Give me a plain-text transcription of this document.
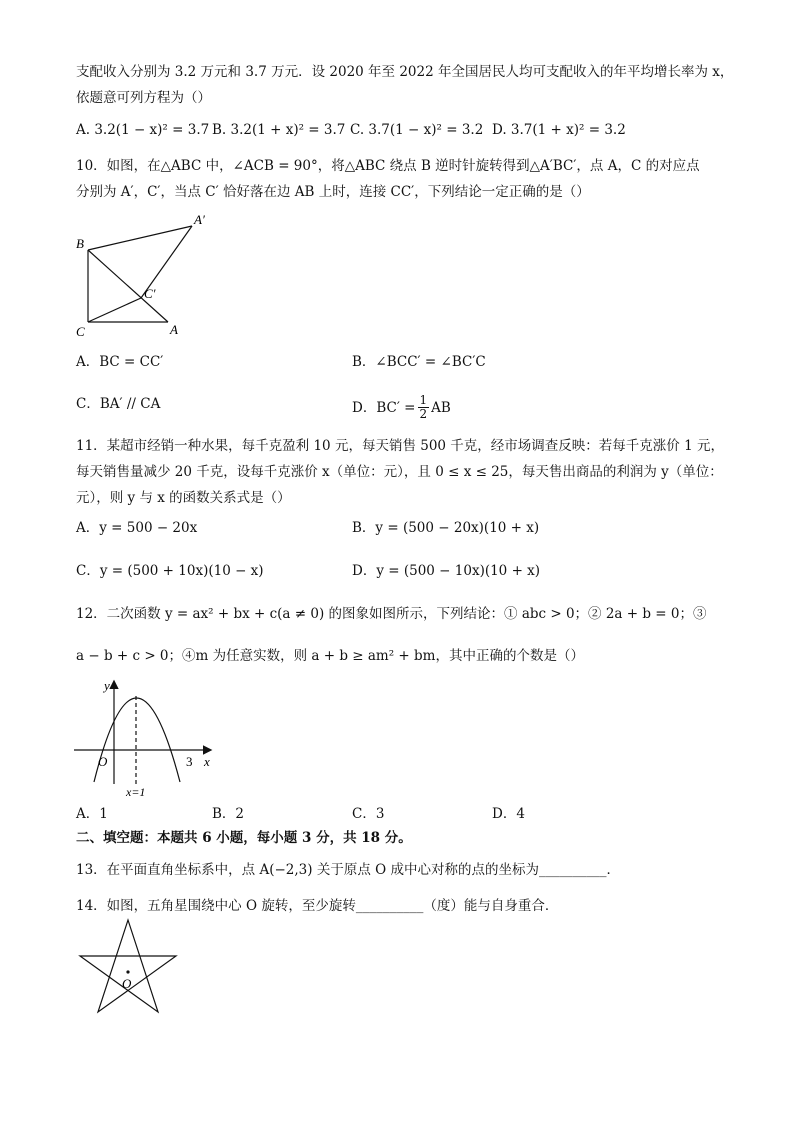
支配收入分别为 3.2 万元和 3.7 万元．设 2020 年至 2022 年全国居民人均可支配收入的年平均增长率为 x，
依题意可列方程为（）
A. 3.2(1 − x)² = 3.7 B. 3.2(1 + x)² = 3.7 C. 3.7(1 − x)² = 3.2 D. 3.7(1 + x)² = 3.2
10．如图，在△ABC 中，∠ACB = 90°，将△ABC 绕点 B 逆时针旋转得到△A′BC′，点 A，C 的对应点
分别为 A′，C′，当点 C′ 恰好落在边 AB 上时，连接 CC′，下列结论一定正确的是（）
B
A′
C′
C	A
A．BC = CC′	B．∠BCC′ = ∠BC′C
C．BA′ // CA	D．$BC' = \frac{1}{2}$ AB
11．某超市经销一种水果，每千克盈利 10 元，每天销售 500 千克，经市场调查反映：若每千克涨价 1 元，
每天销售量减少 20 千克，设每千克涨价 x（单位：元），且 0 ≤ x ≤ 25，每天售出商品的利润为 y（单位：
元），则 y 与 x 的函数关系式是（）
A．y = 500 − 20x	B．y = (500 − 20x)(10 + x)
C．y = (500 + 10x)(10 − x)	D．y = (500 − 10x)(10 + x)
12．二次函数 y = ax² + bx + c(a ≠ 0) 的图象如图所示，下列结论：① abc > 0；② 2a + b = 0；③
a − b + c > 0；④m 为任意实数，则 a + b ≥ am² + bm，其中正确的个数是（）
y
x
O	3
x=1
A．1	B．2	C．3	D．4
二、填空题：本题共 6 小题，每小题 3 分，共 18 分。
13．在平面直角坐标系中，点 A(−2,3) 关于原点 O 成中心对称的点的坐标为__________．
14．如图，五角星围绕中心 O 旋转，至少旋转__________（度）能与自身重合．
O
